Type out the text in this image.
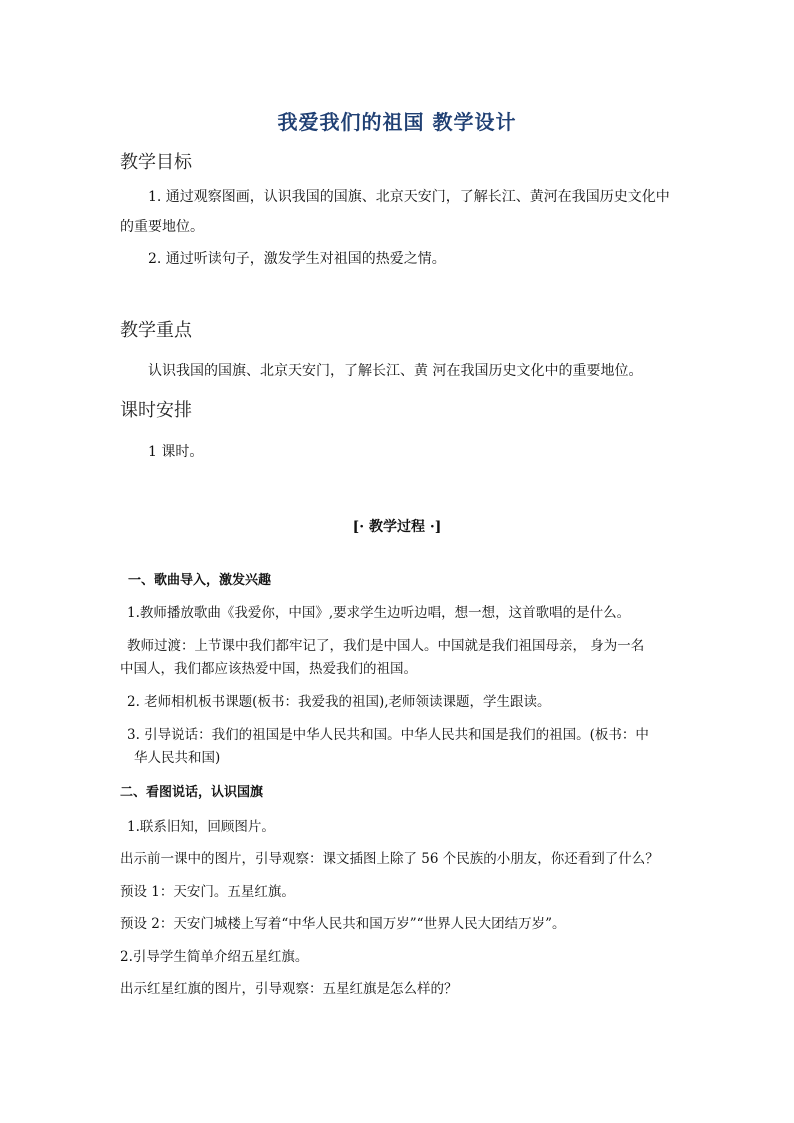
我爱我们的祖国 教学设计
教学目标
1. 通过观察图画，认识我国的国旗、北京天安门，了解长江、黄河在我国历史文化中
的重要地位。
2. 通过听读句子，激发学生对祖国的热爱之情。
教学重点
认识我国的国旗、北京天安门，了解长江、黄 河在我国历史文化中的重要地位。
课时安排
1 课时。
[· 教学过程 ·]
一、歌曲导入，激发兴趣
1.教师播放歌曲《我爱你，中国》,要求学生边听边唱，想一想，这首歌唱的是什么。
教师过渡：上节课中我们都牢记了，我们是中国人。中国就是我们祖国母亲， 身为一名
中国人，我们都应该热爱中国，热爱我们的祖国。
2. 老师相机板书课题(板书：我爱我的祖国),老师领读课题，学生跟读。
3. 引导说话：我们的祖国是中华人民共和国。中华人民共和国是我们的祖国。(板书：中
华人民共和国)
二、看图说话，认识国旗
1.联系旧知，回顾图片。
出示前一课中的图片，引导观察：课文插图上除了 56 个民族的小朋友，你还看到了什么？
预设 1：天安门。五星红旗。
预设 2：天安门城楼上写着“中华人民共和国万岁”“世界人民大团结万岁”。
2.引导学生简单介绍五星红旗。
出示红星红旗的图片，引导观察：五星红旗是怎么样的？
